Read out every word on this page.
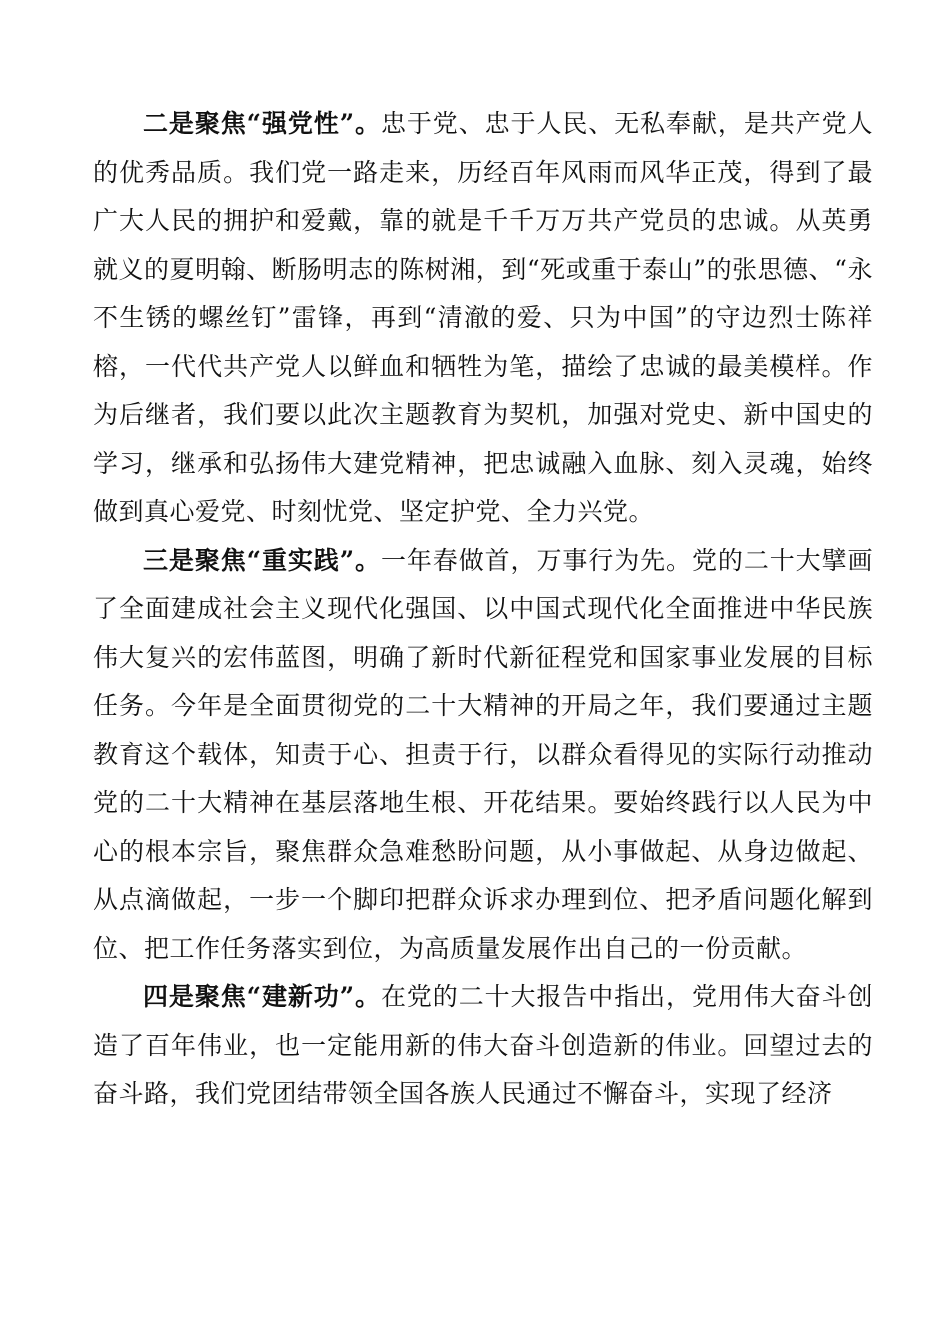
二是聚焦“强党性”。忠于党、忠于人民、无私奉献，是共产党人的优秀品质。我们党一路走来，历经百年风雨而风华正茂，得到了最广大人民的拥护和爱戴，靠的就是千千万万共产党员的忠诚。从英勇就义的夏明翰、断肠明志的陈树湘，到“死或重于泰山”的张思德、“永不生锈的螺丝钉”雷锋，再到“清澈的爱、只为中国”的守边烈士陈祥榕，一代代共产党人以鲜血和牺牲为笔，描绘了忠诚的最美模样。作为后继者，我们要以此次主题教育为契机，加强对党史、新中国史的学习，继承和弘扬伟大建党精神，把忠诚融入血脉、刻入灵魂，始终做到真心爱党、时刻忧党、坚定护党、全力兴党。

三是聚焦“重实践”。一年春做首，万事行为先。党的二十大擘画了全面建成社会主义现代化强国、以中国式现代化全面推进中华民族伟大复兴的宏伟蓝图，明确了新时代新征程党和国家事业发展的目标任务。今年是全面贯彻党的二十大精神的开局之年，我们要通过主题教育这个载体，知责于心、担责于行，以群众看得见的实际行动推动党的二十大精神在基层落地生根、开花结果。要始终践行以人民为中心的根本宗旨，聚焦群众急难愁盼问题，从小事做起、从身边做起、从点滴做起，一步一个脚印把群众诉求办理到位、把矛盾问题化解到位、把工作任务落实到位，为高质量发展作出自己的一份贡献。

四是聚焦“建新功”。在党的二十大报告中指出，党用伟大奋斗创造了百年伟业，也一定能用新的伟大奋斗创造新的伟业。回望过去的奋斗路，我们党团结带领全国各族人民通过不懈奋斗，实现了经济
